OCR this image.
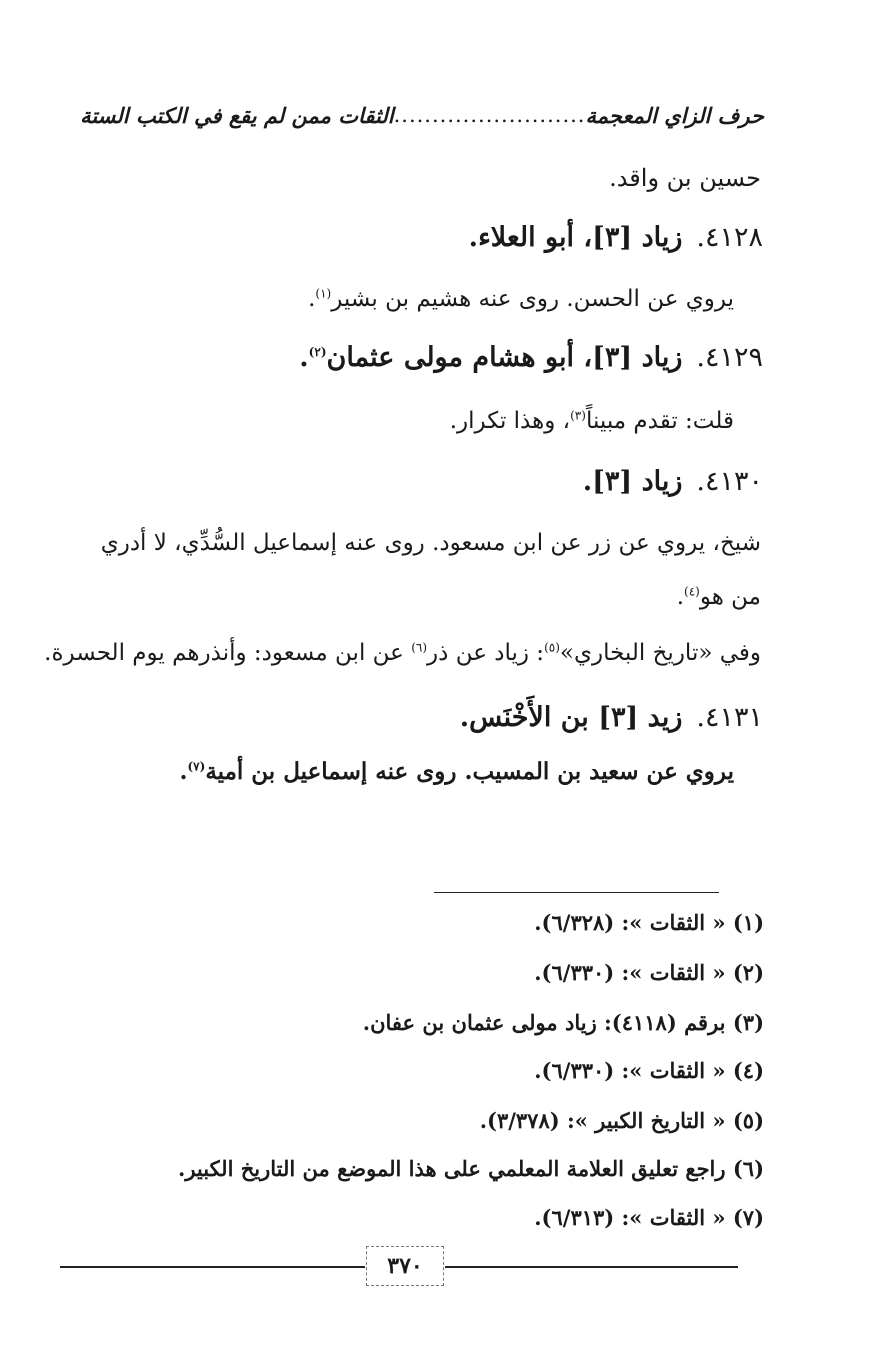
حرف الزاي المعجمة
.........................
الثقات ممن لم يقع في الكتب الستة
حسين بن واقد.
٤١٢٨.زياد [٣]، أبو العلاء.
يروي عن الحسن. روى عنه هشيم بن بشير$^{(١)}$.
٤١٢٩.زياد [٣]، أبو هشام مولى عثمان$^{(٢)}$.
قلت: تقدم مبيناً$^{(٣)}$، وهذا تكرار.
٤١٣٠.زياد [٣].
شيخ، يروي عن زر عن ابن مسعود. روى عنه إسماعيل السُّدِّي، لا أدري
من هو$^{(٤)}$.
وفي «تاريخ البخاري»$^{(٥)}$: زياد عن ذر$^{(٦)}$ عن ابن مسعود: وأنذرهم يوم الحسرة.
٤١٣١.زيد [٣] بن الأَخْنَس.
يروي عن سعيد بن المسيب. روى عنه إسماعيل بن أمية$^{(٧)}$.
(١) « الثقات »: (٦/٣٢٨).
(٢) « الثقات »: (٦/٣٣٠).
(٣) برقم (٤١١٨): زياد مولى عثمان بن عفان.
(٤) « الثقات »: (٦/٣٣٠).
(٥) « التاريخ الكبير »: (٣/٣٧٨).
(٦) راجع تعليق العلامة المعلمي على هذا الموضع من التاريخ الكبير.
(٧) « الثقات »: (٦/٣١٣).
٣٧٠
